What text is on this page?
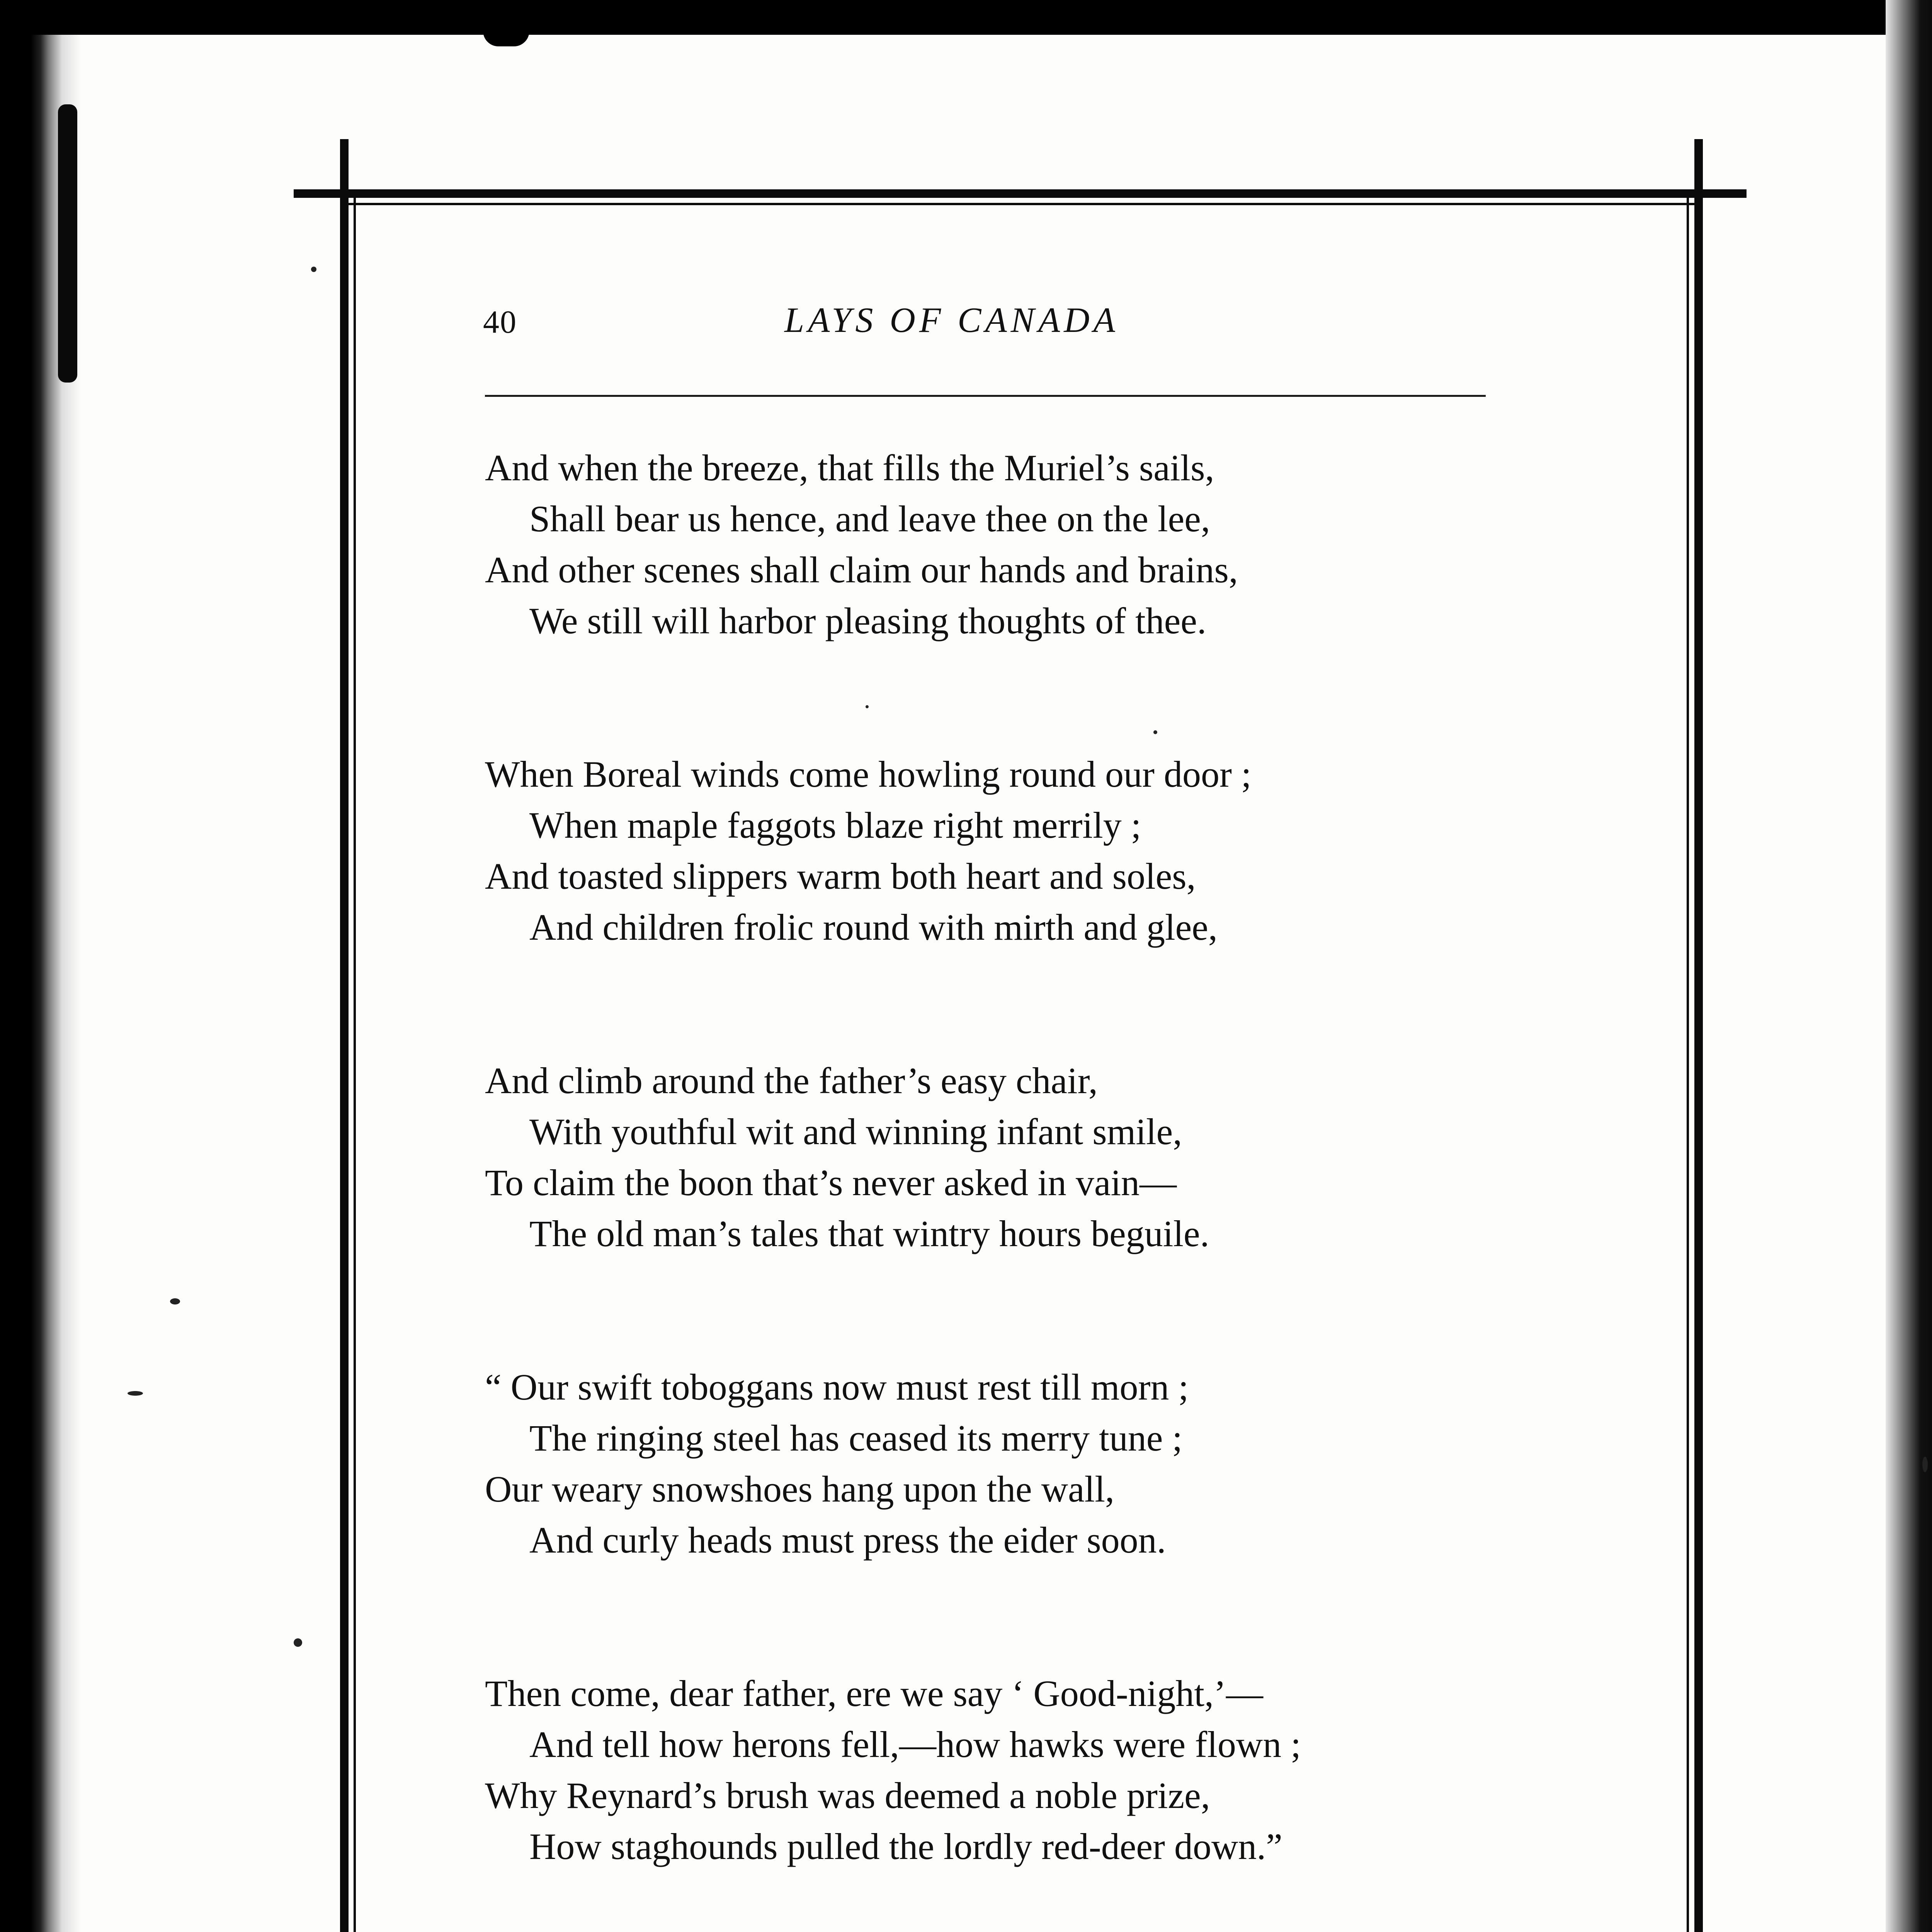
40	LAYS OF CANADA
And when the breeze, that fills the Muriel’s sails,
Shall bear us hence, and leave thee on the lee,
And other scenes shall claim our hands and brains,
We still will harbor pleasing thoughts of thee.
When Boreal winds come howling round our door ;
When maple faggots blaze right merrily ;
And toasted slippers warm both heart and soles,
And children frolic round with mirth and glee,
And climb around the father’s easy chair,
With youthful wit and winning infant smile,
To claim the boon that’s never asked in vain—
The old man’s tales that wintry hours beguile.
“ Our swift toboggans now must rest till morn ;
The ringing steel has ceased its merry tune ;
Our weary snowshoes hang upon the wall,
And curly heads must press the eider soon.
Then come, dear father, ere we say ‘ Good-night,’—
And tell how herons fell,—how hawks were flown ;
Why Reynard’s brush was deemed a noble prize,
How staghounds pulled the lordly red-deer down.”
